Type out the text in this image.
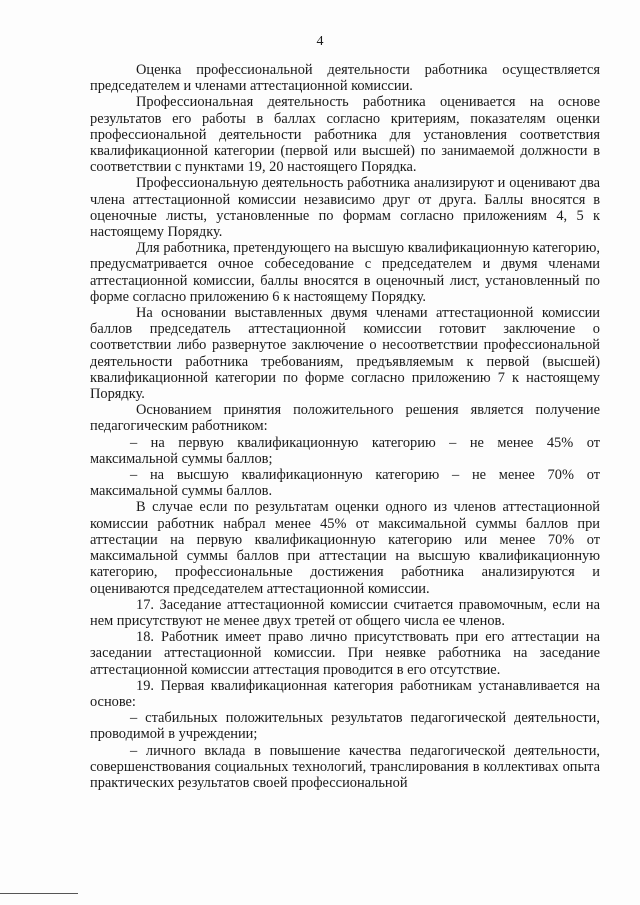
4

Оценка профессиональной деятельности работника осуществляется председателем и членами аттестационной комиссии.

Профессиональная деятельность работника оценивается на основе результатов его работы в баллах согласно критериям, показателям оценки профессиональной деятельности работника для установления соответствия квалификационной категории (первой или высшей) по занимаемой должности в соответствии с пунктами 19, 20 настоящего Порядка.

Профессиональную деятельность работника анализируют и оценивают два члена аттестационной комиссии независимо друг от друга. Баллы вносятся в оценочные листы, установленные по формам согласно приложениям 4, 5 к настоящему Порядку.

Для работника, претендующего на высшую квалификационную категорию, предусматривается очное собеседование с председателем и двумя членами аттестационной комиссии, баллы вносятся в оценочный лист, установленный по форме согласно приложению 6 к настоящему Порядку.

На основании выставленных двумя членами аттестационной комиссии баллов председатель аттестационной комиссии готовит заключение о соответствии либо развернутое заключение о несоответствии профессиональной деятельности работника требованиям, предъявляемым к первой (высшей) квалификационной категории по форме согласно приложению 7 к настоящему Порядку.

Основанием принятия положительного решения является получение педагогическим работником:

– на первую квалификационную категорию – не менее 45% от максимальной суммы баллов;

– на высшую квалификационную категорию – не менее 70% от максимальной суммы баллов.

В случае если по результатам оценки одного из членов аттестационной комиссии работник набрал менее 45% от максимальной суммы баллов при аттестации на первую квалификационную категорию или менее 70% от максимальной суммы баллов при аттестации на высшую квалификационную категорию, профессиональные достижения работника анализируются и оцениваются председателем аттестационной комиссии.

17. Заседание аттестационной комиссии считается правомочным, если на нем присутствуют не менее двух третей от общего числа ее членов.

18. Работник имеет право лично присутствовать при его аттестации на заседании аттестационной комиссии. При неявке работника на заседание аттестационной комиссии аттестация проводится в его отсутствие.

19. Первая квалификационная категория работникам устанавливается на основе:

– стабильных положительных результатов педагогической деятельности, проводимой в учреждении;

– личного вклада в повышение качества педагогической деятельности, совершенствования социальных технологий, транслирования в коллективах опыта практических результатов своей профессиональной
